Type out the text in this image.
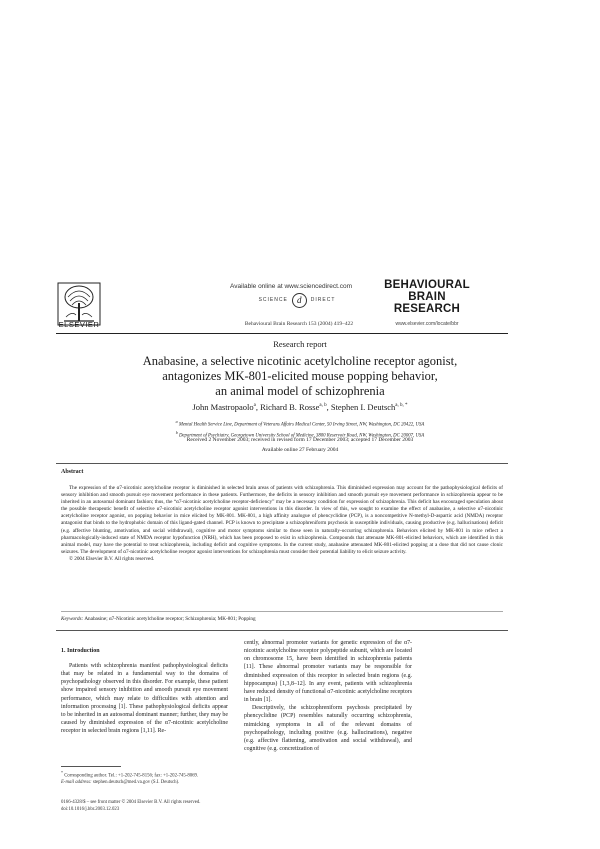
ELSEVIER
Available online at www.sciencedirect.com
SCIENCE	d	DIRECT
Behavioural Brain Research 153 (2004) 419–422
BEHAVIOURAL
BRAIN
RESEARCH
www.elsevier.com/locate/bbr
Research report
Anabasine, a selective nicotinic acetylcholine receptor agonist,
antagonizes MK-801-elicited mouse popping behavior,
an animal model of schizophrenia
John Mastropaolo$^a$, Richard B. Rosse$^{a, b}$, Stephen I. Deutsch$^{a, b, *}$
$^a$ Mental Health Service Line, Department of Veterans Affairs Medical Center, 50 Irving Street, NW, Washington, DC 20422, USA
$^b$ Department of Psychiatry, Georgetown University School of Medicine, 3800 Reservoir Road, NW, Washington, DC 20007, USA
Received 2 November 2003; received in revised form 17 December 2003; accepted 17 December 2003
Available online 27 February 2004
Abstract
The expression of the α7-nicotinic acetylcholine receptor is diminished in selected brain areas of patients with schizophrenia. This diminished expression may account for the pathophysiological deficits of sensory inhibition and smooth pursuit eye movement performance in these patients. Furthermore, the deficits in sensory inhibition and smooth pursuit eye movement performance in schizophrenia appear to be inherited in an autosomal dominant fashion; thus, the “α7-nicotinic acetylcholine receptor-deficiency” may be a necessary condition for expression of schizophrenia. This deficit has encouraged speculation about the possible therapeutic benefit of selective α7-nicotinic acetylcholine receptor agonist interventions in this disorder. In view of this, we sought to examine the effect of anabasine, a selective α7-nicotinic acetylcholine receptor agonist, on popping behavior in mice elicited by MK-801. MK-801, a high affinity analogue of phencyclidine (PCP), is a noncompetitive N-methyl-D-aspartic acid (NMDA) receptor antagonist that binds to the hydrophobic domain of this ligand-gated channel. PCP is known to precipitate a schizophreniform psychosis in susceptible individuals, causing productive (e.g. hallucinations) deficit (e.g. affective blunting, amotivation, and social withdrawal), cognitive and motor symptoms similar to those seen in naturally-occurring schizophrenia. Behaviors elicited by MK-801 in mice reflect a pharmacologically-induced state of NMDA receptor hypofunction (NRH), which has been proposed to exist in schizophrenia. Compounds that attenuate MK-801-elicited behaviors, which are identified in this animal model, may have the potential to treat schizophrenia, including deficit and cognitive symptoms. In the current study, anabasine attenuated MK-801-elicited popping at a dose that did not cause clonic seizures. The development of α7-nicotinic acetylcholine receptor agonist interventions for schizophrenia must consider their potential liability to elicit seizure activity.
© 2004 Elsevier B.V. All rights reserved.
Keywords: Anabasine; α7-Nicotinic acetylcholine receptor; Schizophrenia; MK-801; Popping
1. Introduction
Patients with schizophrenia manifest pathophysiological deficits that may be related in a fundamental way to the domains of psychopathology observed in this disorder. For example, these patient show impaired sensory inhibition and smooth pursuit eye movement performance, which may relate to difficulties with attention and information processing [1]. These pathophysiological deficits appear to be inherited in an autosomal dominant manner; further, they may be caused by diminished expression of the α7-nicotinic acetylcholine receptor in selected brain regions [1,11]. Re-
cently, abnormal promoter variants for genetic expression of the α7-nicotinic acetylcholine receptor polypeptide subunit, which are located on chromosome 15, have been identified in schizophrenia patients [11]. These abnormal promoter variants may be responsible for diminished expression of this receptor in selected brain regions (e.g. hippocampus) [1,3,8–12]. In any event, patients with schizophrenia have reduced density of functional α7-nicotinic acetylcholine receptors in brain [1].
Descriptively, the schizophreniform psychosis precipitated by phencyclidine (PCP) resembles naturally occurring schizophrenia, mimicking symptoms in all of the relevant domains of psychopathology, including positive (e.g. hallucinations), negative (e.g. affective flattening, amotivation and social withdrawal), and cognitive (e.g. concretization of
* Corresponding author. Tel.: +1-202-745-8156; fax: +1-202-745-8069.
E-mail address: stephen.deutsch@med.va.gov (S.I. Deutsch).
0166-4328/$ – see front matter © 2004 Elsevier B.V. All rights reserved.
doi:10.1016/j.bbr.2003.12.023
